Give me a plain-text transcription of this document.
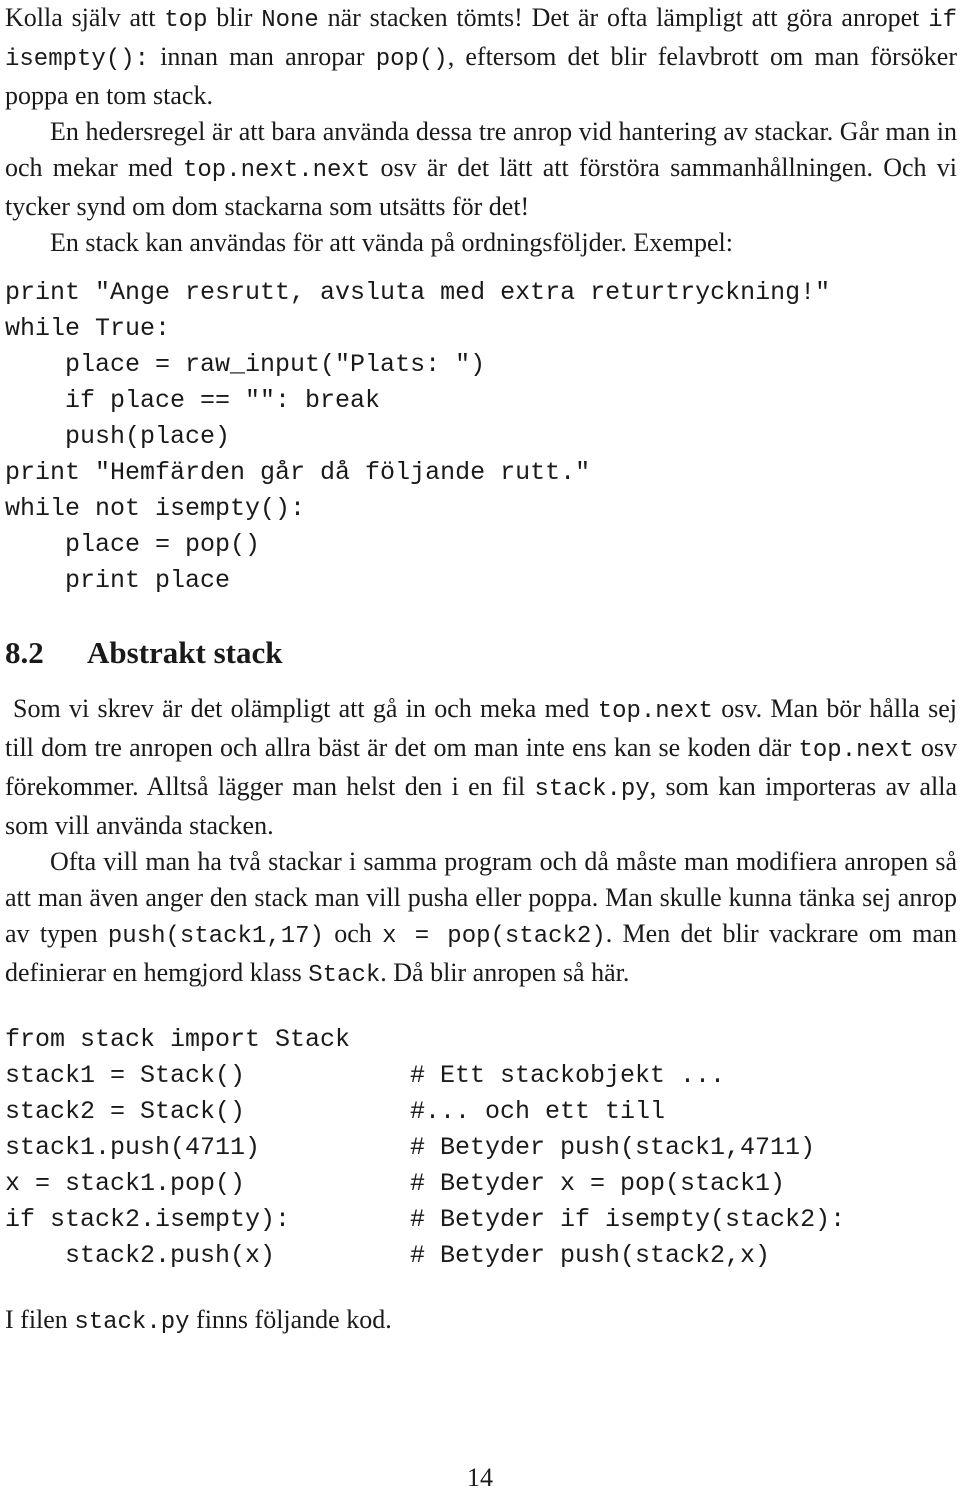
Kolla själv att top blir None när stacken tömts! Det är ofta lämpligt att göra anropet if isempty(): innan man anropar pop(), eftersom det blir felavbrott om man försöker poppa en tom stack.

En hedersregel är att bara använda dessa tre anrop vid hantering av stackar. Går man in och mekar med top.next.next osv är det lätt att förstöra sammanhållningen. Och vi tycker synd om dom stackarna som utsätts för det!

En stack kan användas för att vända på ordningsföljder. Exempel:

print "Ange resrutt, avsluta med extra returtryckning!"
while True:
place = raw_input("Plats: ")
if place == "": break
push(place)
print "Hemfärden går då följande rutt."
while not isempty():
place = pop()
print place
8.2 Abstrakt stack

Som vi skrev är det olämpligt att gå in och meka med top.next osv. Man bör hålla sej till dom tre anropen och allra bäst är det om man inte ens kan se koden där top.next osv förekommer. Alltså lägger man helst den i en fil stack.py, som kan importeras av alla som vill använda stacken.

Ofta vill man ha två stackar i samma program och då måste man modifiera anropen så att man även anger den stack man vill pusha eller poppa. Man skulle kunna tänka sej anrop av typen push(stack1,17) och x = pop(stack2). Men det blir vackrare om man definierar en hemgjord klass Stack. Då blir anropen så här.

from stack import Stack
stack1 = Stack()	# Ett stackobjekt ...
stack2 = Stack()	#... och ett till
stack1.push(4711)	# Betyder push(stack1,4711)
x = stack1.pop()	# Betyder x = pop(stack1)
if stack2.isempty):	# Betyder if isempty(stack2):
stack2.push(x)	# Betyder push(stack2,x)

I filen stack.py finns följande kod.

14
